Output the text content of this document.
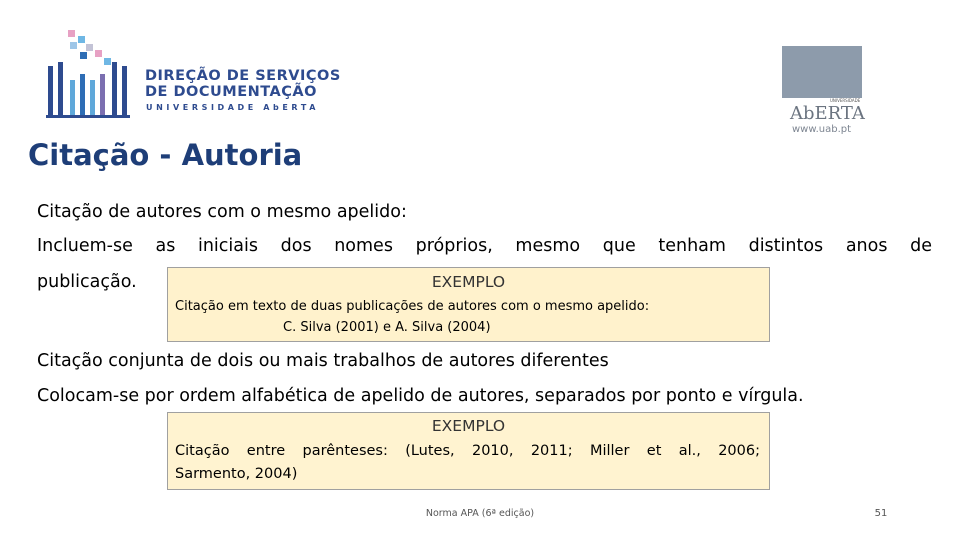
DIREÇÃO DE SERVIÇOS
DE DOCUMENTAÇÃO
UNIVERSIDADE AbERTA
UNIVERSIDADE
AbERTA
www.uab.pt
Citação - Autoria
Citação de autores com o mesmo apelido:
Incluem-se as iniciais dos nomes próprios, mesmo que tenham distintos anos de
publicação.	EXEMPLO
Citação em texto de duas publicações de autores com o mesmo apelido:
C. Silva (2001) e A. Silva (2004)
Citação conjunta de dois ou mais trabalhos de autores diferentes
Colocam-se por ordem alfabética de apelido de autores, separados por ponto e vírgula.
EXEMPLO
Citação entre parênteses: (Lutes, 2010, 2011; Miller et al., 2006;
Sarmento, 2004)
Norma APA (6ª edição)	51
